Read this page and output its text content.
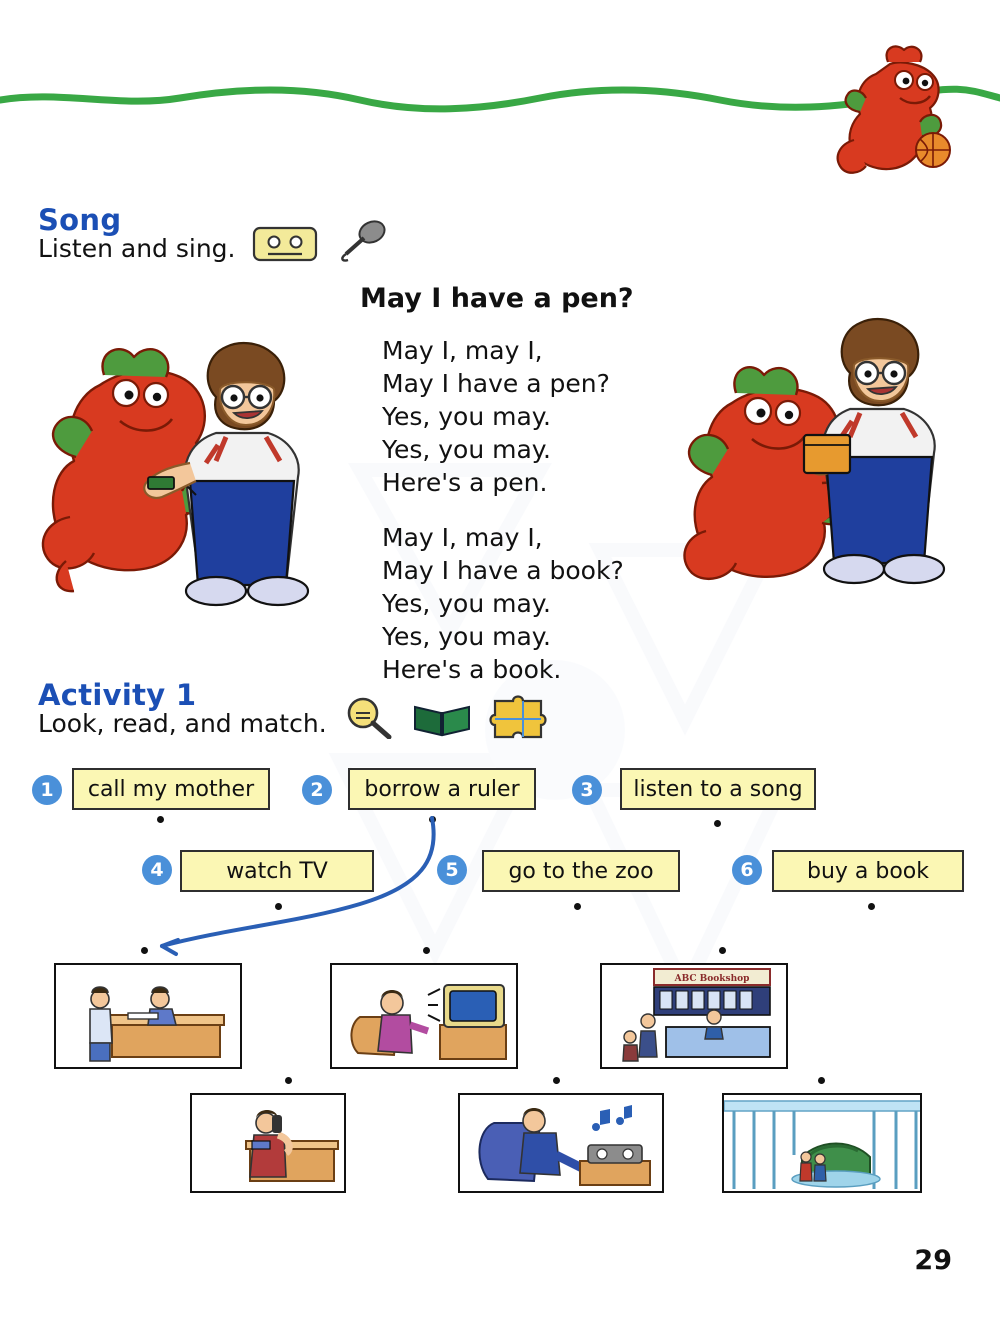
Song
Listen and sing.
May I have a pen?

May I, may I,
May I have a pen?
Yes, you may.
Yes, you may.
Here's a pen.

May I, may I,
May I have a book?
Yes, you may.
Yes, you may.
Here's a book.

Activity 1
Look, read, and match.
1	call my mother	2	borrow a ruler	3	listen to a song
4	watch TV	5	go to the zoo	6	buy a book
ABC Bookshop
29
